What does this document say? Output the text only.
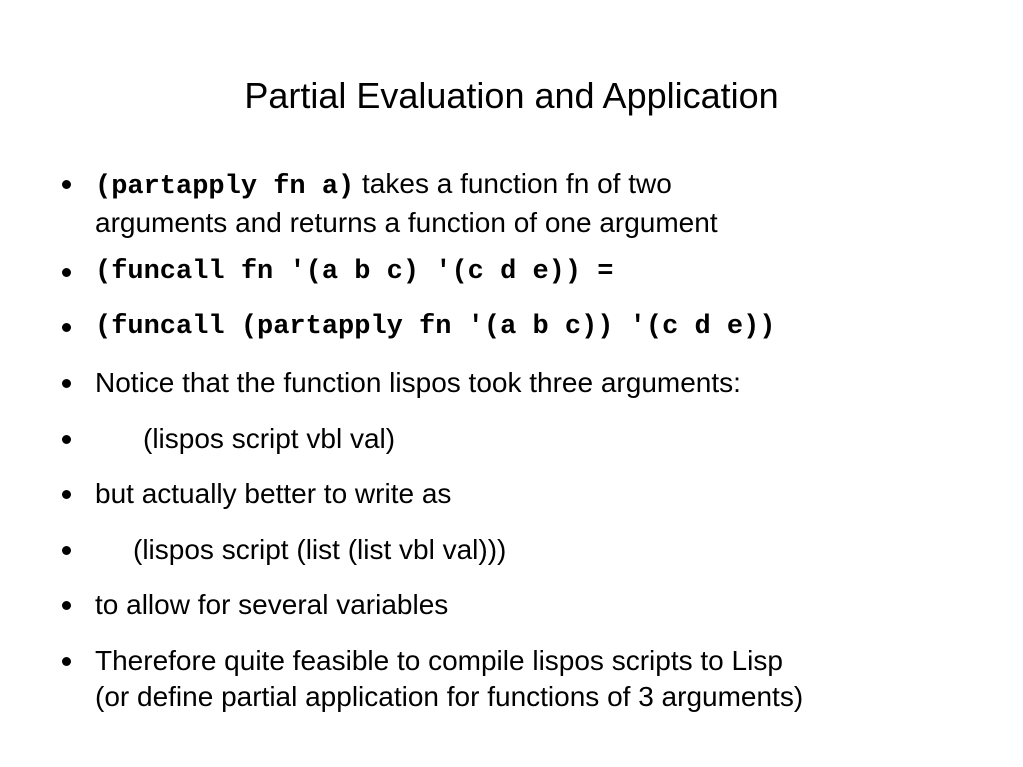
Partial Evaluation and Application
(partapply fn a) takes a function fn of two
arguments and returns a function of one argument
(funcall fn '(a b c) '(c d e)) =
(funcall (partapply fn '(a b c)) '(c d e))
Notice that the function lispos took three arguments:
(lispos script vbl val)
but actually better to write as
(lispos script (list (list vbl val)))
to allow for several variables
Therefore quite feasible to compile lispos scripts to Lisp
(or define partial application for functions of 3 arguments)
